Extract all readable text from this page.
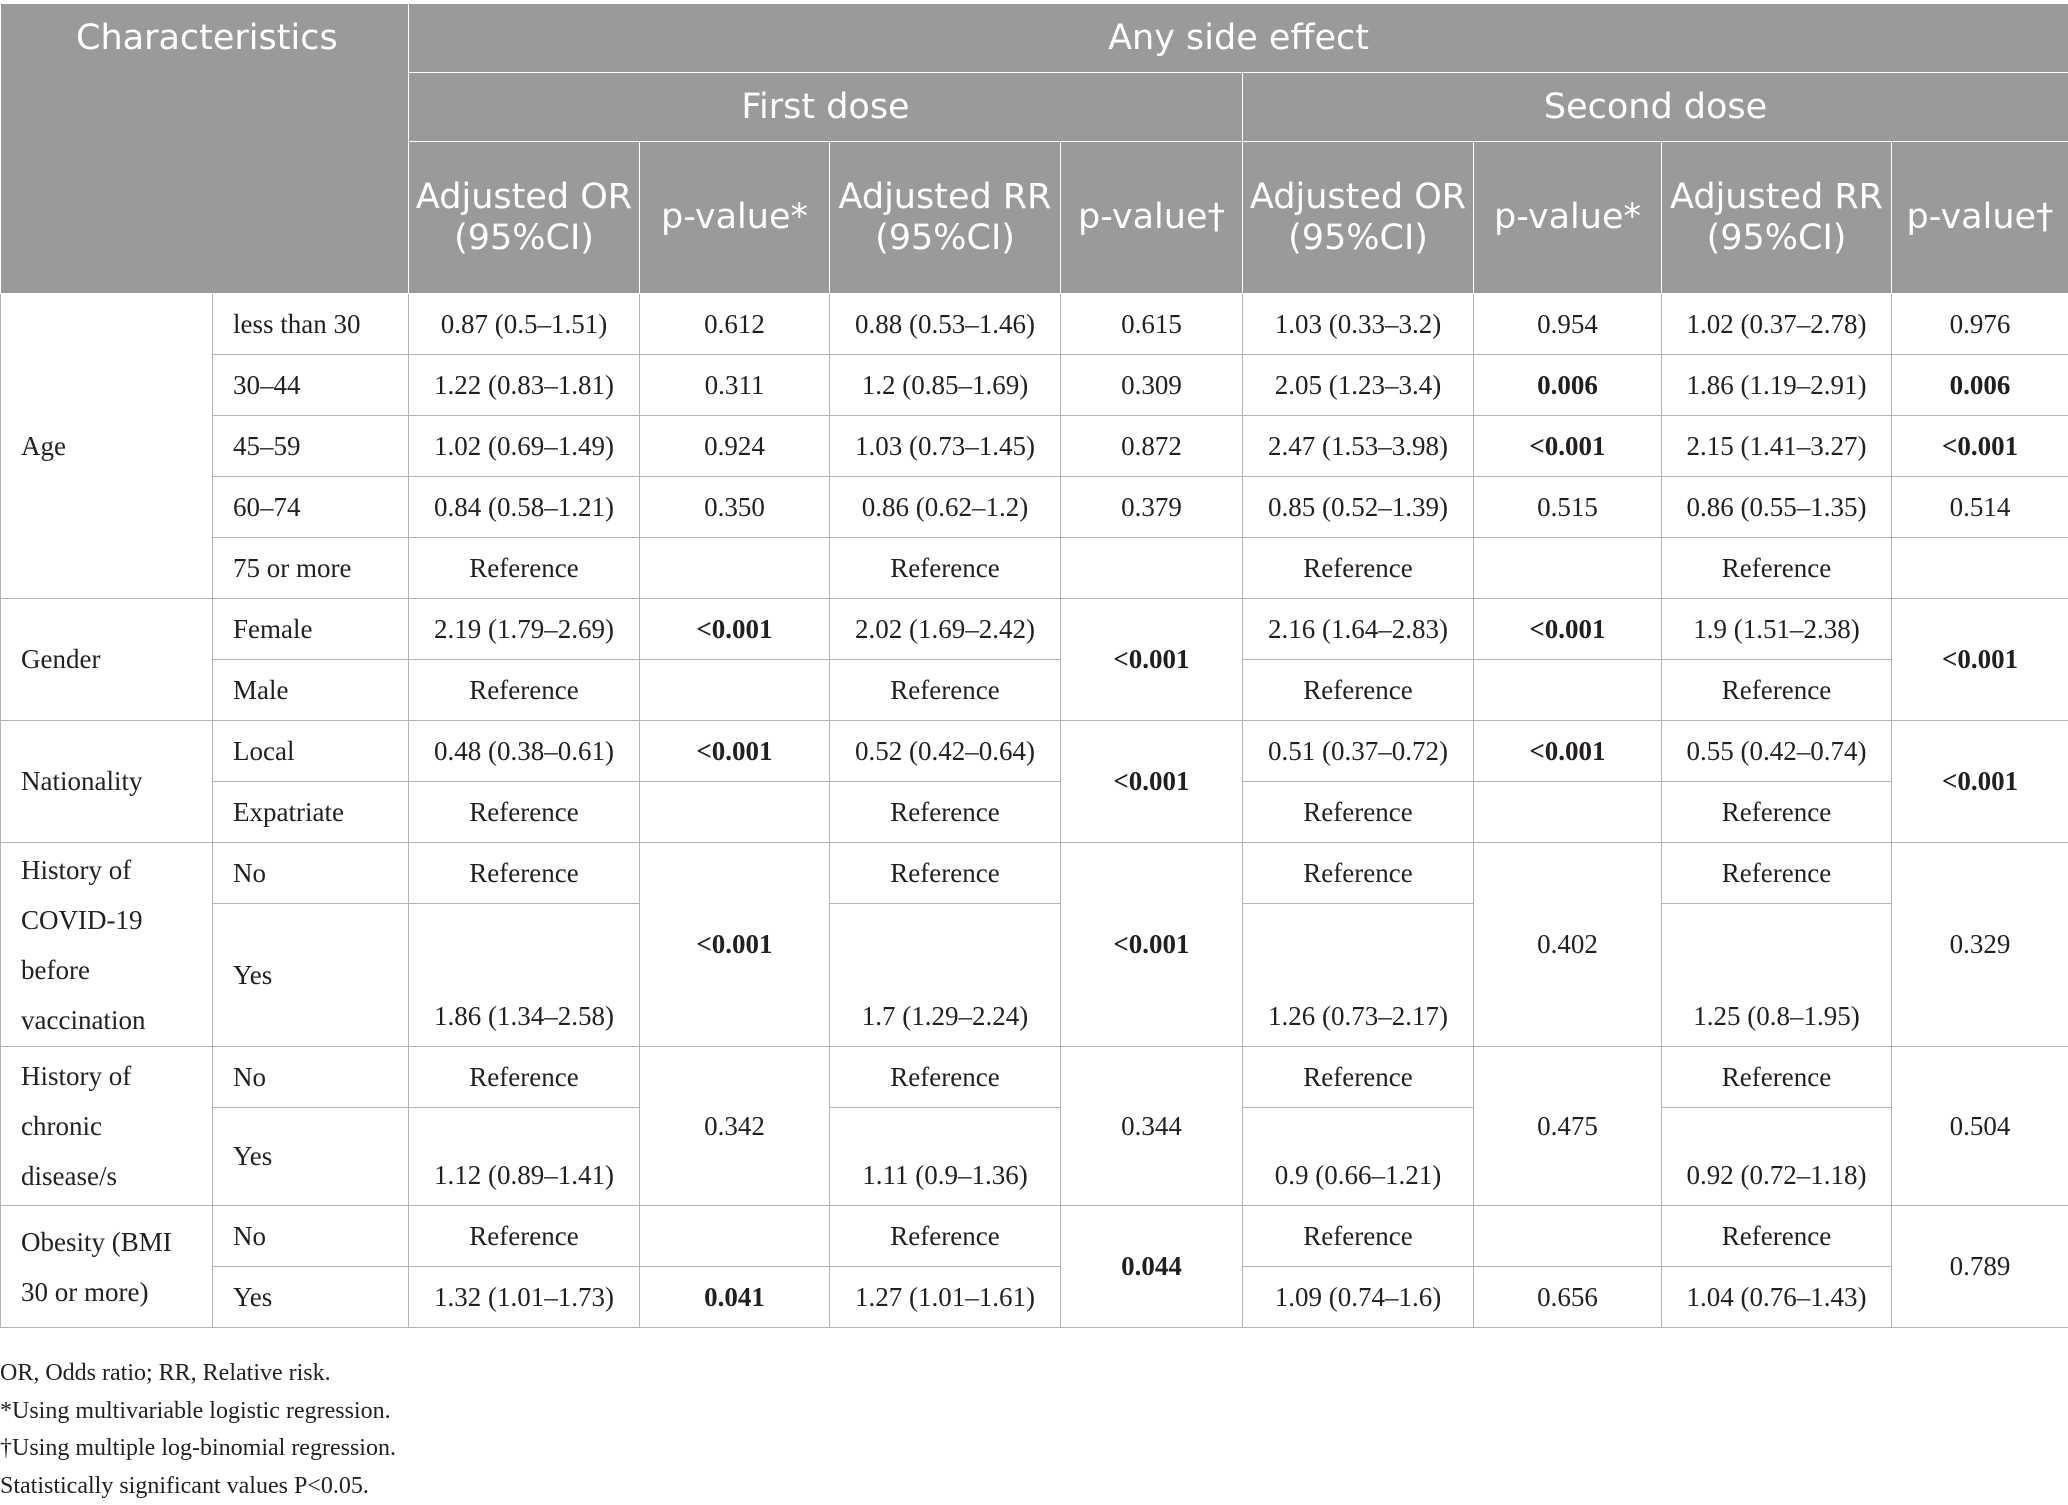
Characteristics		Any side effect							
		First dose				Second dose			
		Adjusted OR (95%CI)	p-value*	Adjusted RR (95%CI)	p-value†	Adjusted OR (95%CI)	p-value*	Adjusted RR (95%CI)	p-value†
Age	less than 30	0.87 (0.5–1.51)	0.612	0.88 (0.53–1.46)	0.615	1.03 (0.33–3.2)	0.954	1.02 (0.37–2.78)	0.976
	30–44	1.22 (0.83–1.81)	0.311	1.2 (0.85–1.69)	0.309	2.05 (1.23–3.4)	0.006	1.86 (1.19–2.91)	0.006
	45–59	1.02 (0.69–1.49)	0.924	1.03 (0.73–1.45)	0.872	2.47 (1.53–3.98)	<0.001	2.15 (1.41–3.27)	<0.001
	60–74	0.84 (0.58–1.21)	0.350	0.86 (0.62–1.2)	0.379	0.85 (0.52–1.39)	0.515	0.86 (0.55–1.35)	0.514
	75 or more	Reference		Reference		Reference		Reference	
Gender	Female	2.19 (1.79–2.69)	<0.001	2.02 (1.69–2.42)	<0.001	2.16 (1.64–2.83)	<0.001	1.9 (1.51–2.38)	<0.001
	Male	Reference		Reference		Reference		Reference	
Nationality	Local	0.48 (0.38–0.61)	<0.001	0.52 (0.42–0.64)	<0.001	0.51 (0.37–0.72)	<0.001	0.55 (0.42–0.74)	<0.001
	Expatriate	Reference		Reference		Reference		Reference	

History of
COVID-19
before
vaccination	No	Reference	<0.001	Reference	<0.001	Reference	0.402	Reference	0.329
	Yes	1.86 (1.34–2.58)		1.7 (1.29–2.24)		1.26 (0.73–2.17)		1.25 (0.8–1.95)	

History of
chronic
disease/s	No	Reference	0.342	Reference	0.344	Reference	0.475	Reference	0.504
	Yes	1.12 (0.89–1.41)		1.11 (0.9–1.36)		0.9 (0.66–1.21)		0.92 (0.72–1.18)	

Obesity (BMI
30 or more)	No	Reference		Reference	0.044	Reference		Reference	0.789
	Yes	1.32 (1.01–1.73)	0.041	1.27 (1.01–1.61)		1.09 (0.74–1.6)	0.656	1.04 (0.76–1.43)	
OR, Odds ratio; RR, Relative risk.
*Using multivariable logistic regression.
†Using multiple log-binomial regression.
Statistically significant values P<0.05.
